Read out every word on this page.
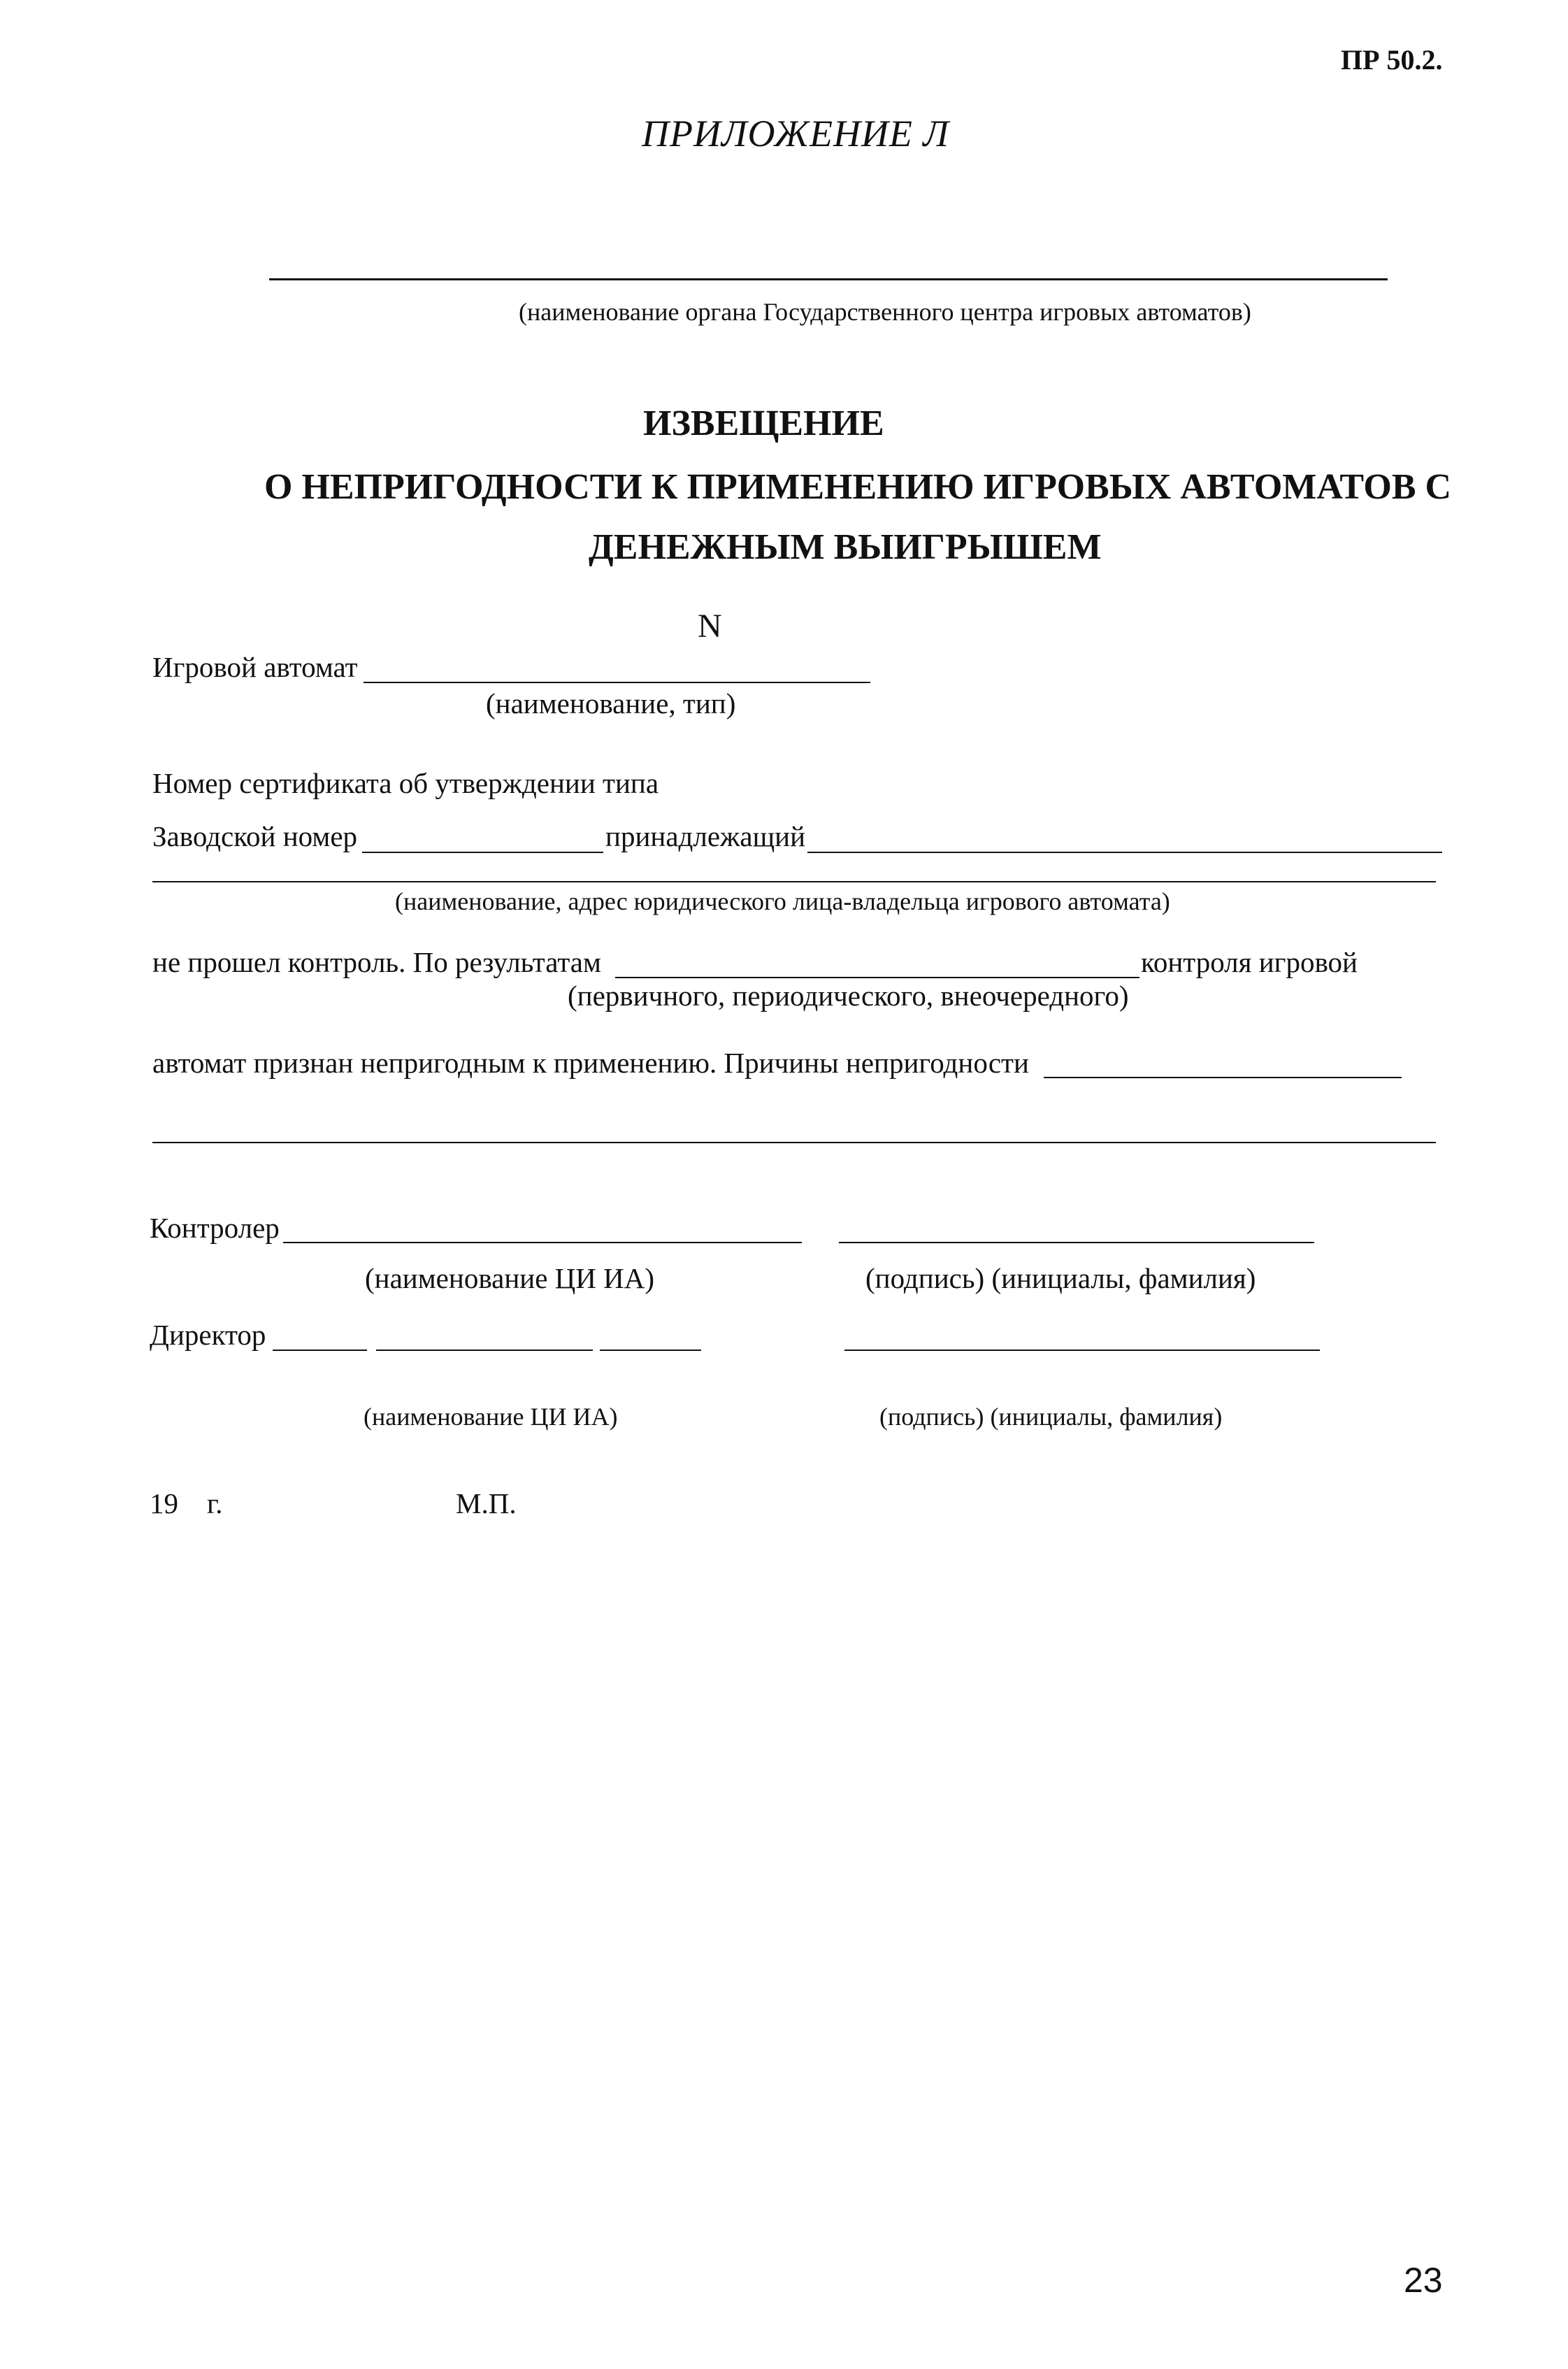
ПР 50.2.
ПРИЛОЖЕНИЕ Л
(наименование органа Государственного центра игровых автоматов)
ИЗВЕЩЕНИЕ
О НЕПРИГОДНОСТИ К ПРИМЕНЕНИЮ ИГРОВЫХ АВТОМАТОВ С
ДЕНЕЖНЫМ ВЫИГРЫШЕМ
N
Игровой автомат
(наименование, тип)
Номер сертификата об утверждении типа
Заводской номер	принадлежащий
(наименование, адрес юридического лица-владельца игрового автомата)
не прошел контроль. По результатам	контроля игровой
(первичного, периодического, внеочередного)
автомат признан непригодным к применению. Причины непригодности
Контролер
(наименование ЦИ ИА)	(подпись) (инициалы, фамилия)
Директор
(наименование ЦИ ИА)	(подпись) (инициалы, фамилия)
19    г.	М.П.
23
